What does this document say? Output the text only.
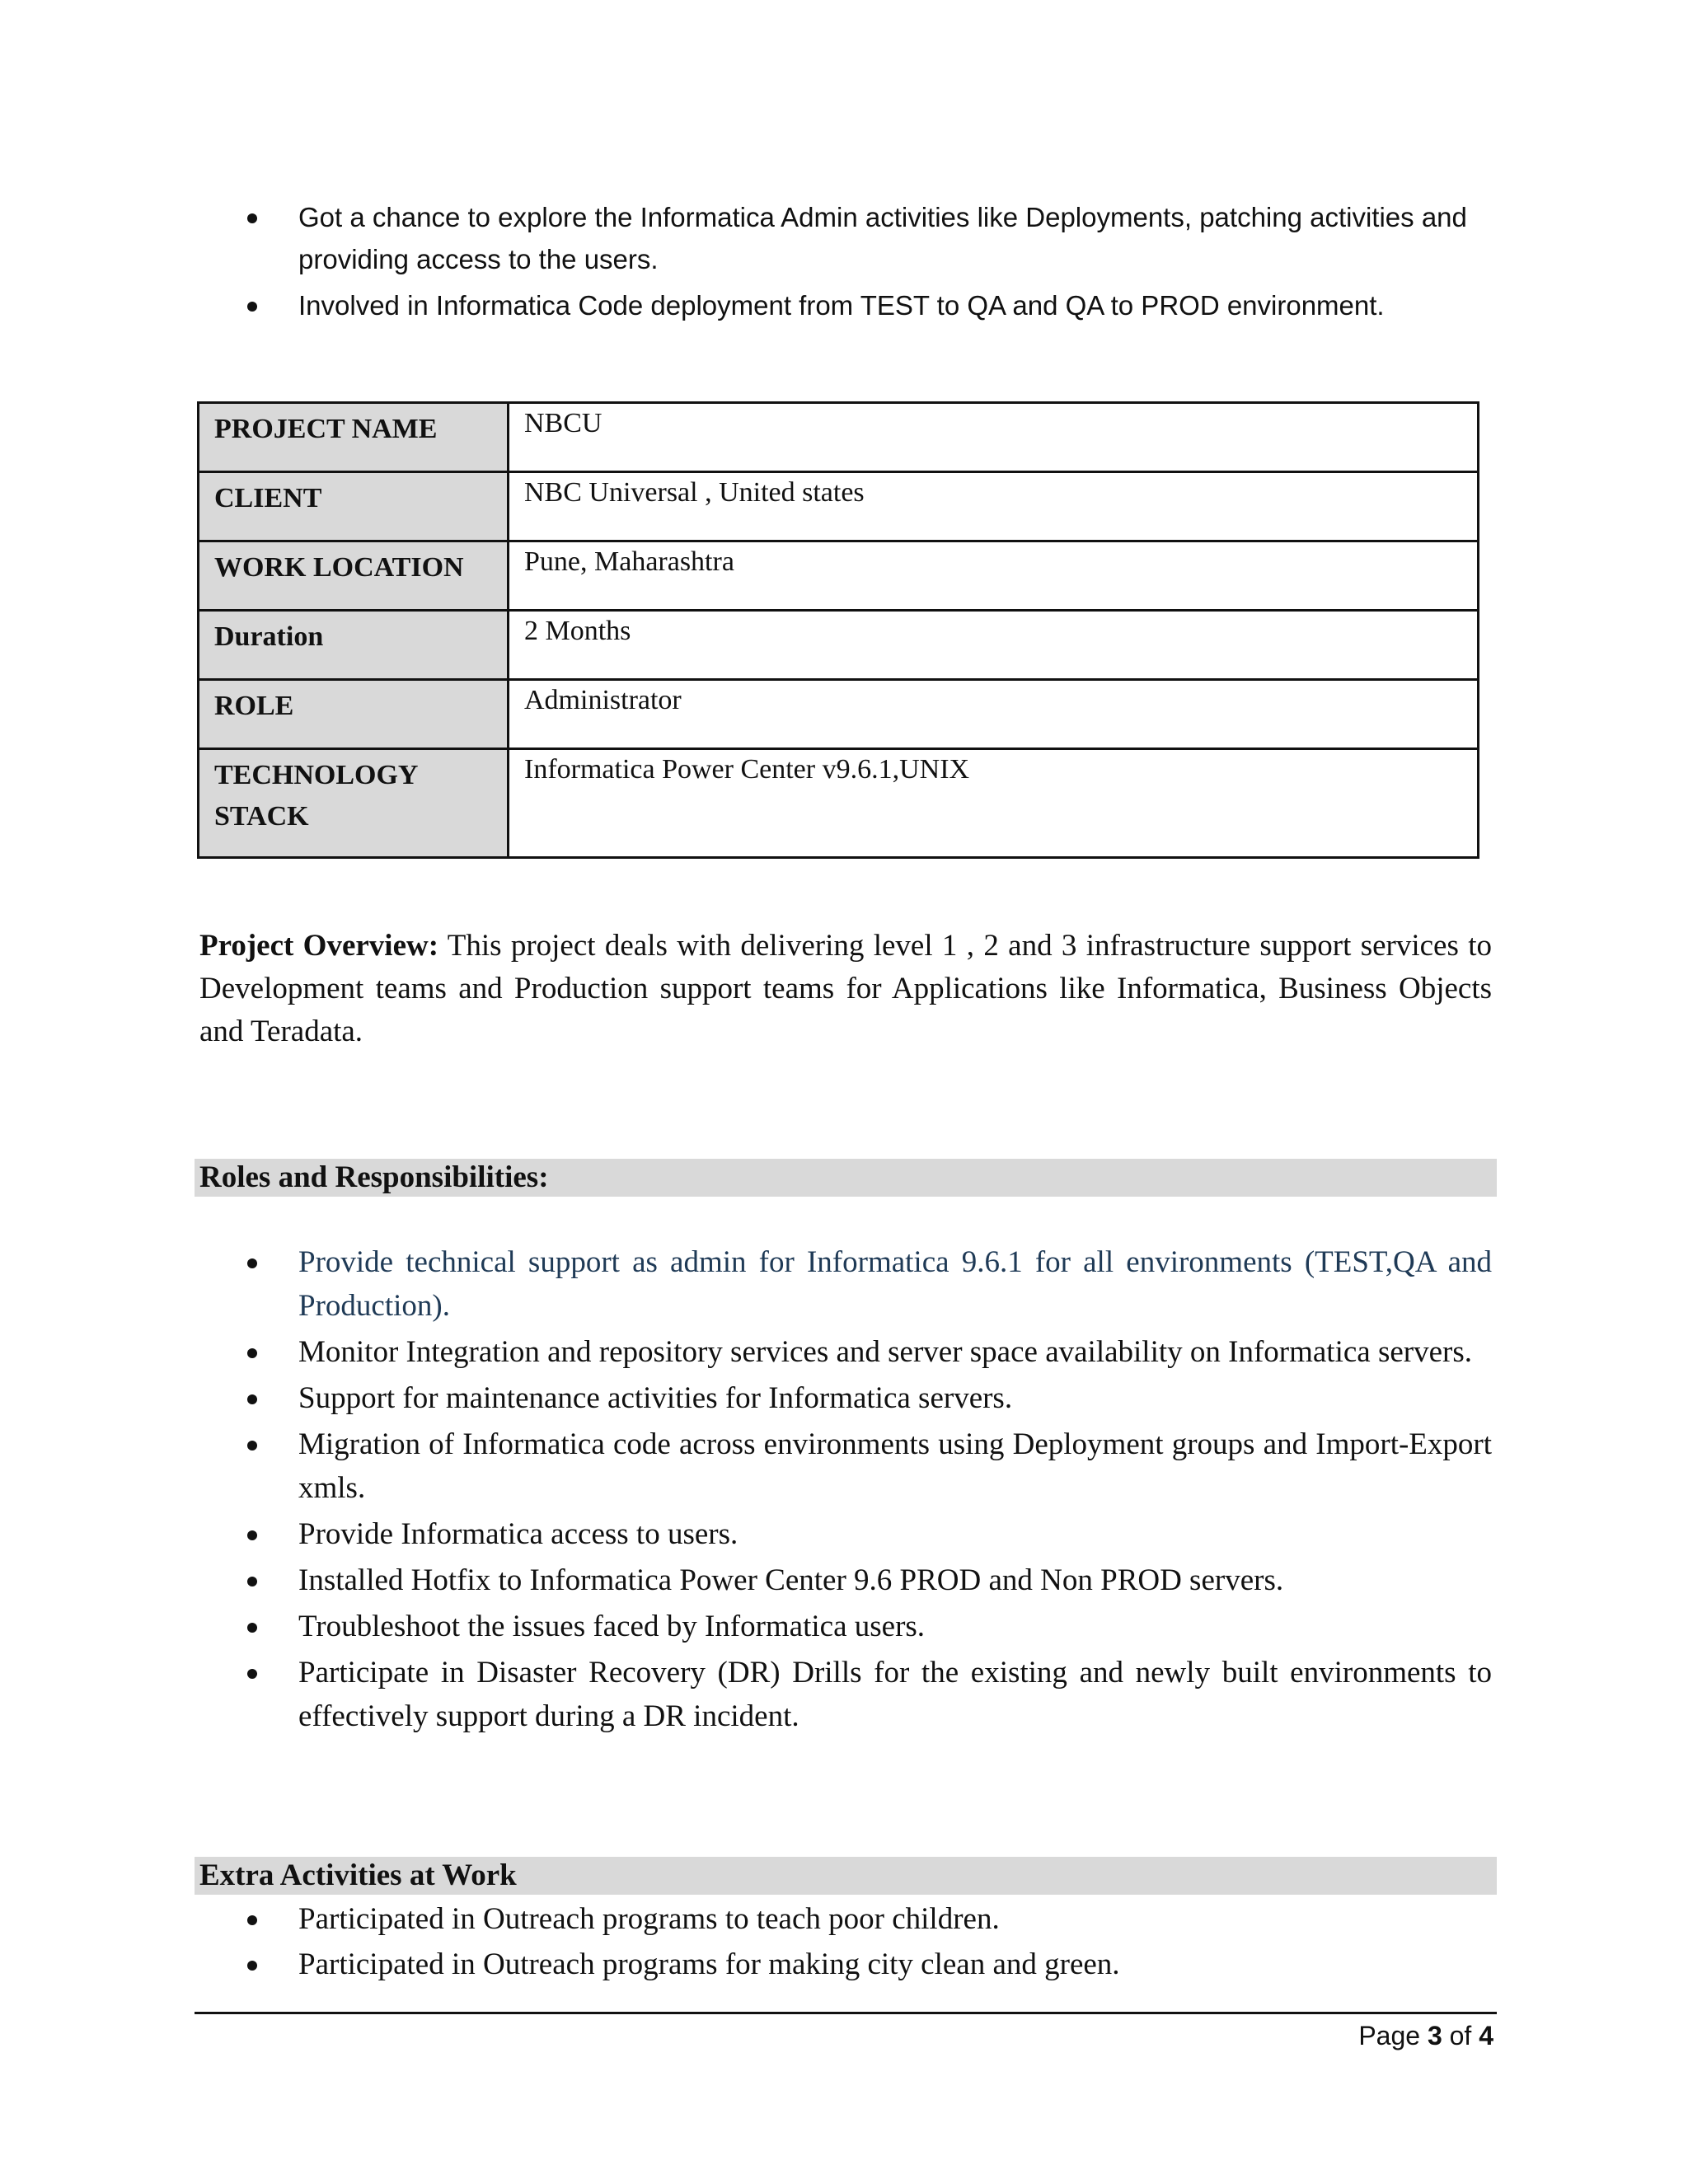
Got a chance to explore the Informatica Admin activities like Deployments, patching activities and providing access to the users.
Involved in Informatica Code deployment from TEST to QA and QA to PROD environment.
PROJECT NAME	NBCU
CLIENT	NBC Universal , United states
WORK LOCATION	Pune, Maharashtra
Duration	2 Months
ROLE	Administrator
TECHNOLOGY STACK	Informatica Power Center v9.6.1,UNIX

Project Overview: This project deals with delivering level 1 , 2 and 3 infrastructure support services to Development teams and Production support teams for Applications like Informatica, Business Objects and Teradata.

Roles and Responsibilities:
Provide technical support as admin for Informatica 9.6.1 for all environments (TEST,QA and Production).
Monitor Integration and repository services and server space availability on Informatica servers.
Support for maintenance activities for Informatica servers.
Migration of Informatica code across environments using Deployment groups and Import-Export xmls.
Provide Informatica access to users.
Installed Hotfix to Informatica Power Center 9.6 PROD and Non PROD servers.
Troubleshoot the issues faced by Informatica users.
Participate in Disaster Recovery (DR) Drills for the existing and newly built environments to effectively support during a DR incident.
Extra Activities at Work
Participated in Outreach programs to teach poor children.
Participated in Outreach programs for making city clean and green.
Page 3 of 4
